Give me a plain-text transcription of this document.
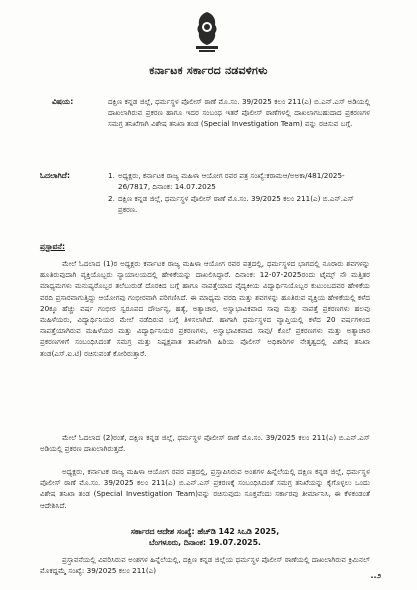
ಕರ್ನಾಟಕ ಸರ್ಕಾರದ ನಡವಳಿಗಳು
ವಿಷಯ:	ದಕ್ಷಿಣ ಕನ್ನಡ ಜಿಲ್ಲೆ, ಧರ್ಮಸ್ಥಳ ಪೊಲೀಸ್ ಠಾಣೆ ಮೊ.ಸಂ. 39/2025 ಕಲಂ 211(ಎ) ಬಿ.ಎನ್.ಎಸ್ ಅಡಿಯಲ್ಲಿ ದಾಖಲಾಗಿರುವ ಪ್ರಕರಣ ಹಾಗೂ ಇದರ ಸಂಬಂಧ ಇತರೆ ಪೊಲೀಸ್ ಠಾಣೆಗಳಲ್ಲಿ ದಾಖಲಾಗಬಹುದಾದ ಪ್ರಕರಣಗಳ ಸಮಗ್ರ ತನಿಖೆಗಾಗಿ ವಿಶೇಷ ತನಿಖಾ ತಂಡ (Special Investigation Team) ವನ್ನು ರಚಿಸುವ ಬಗ್ಗೆ.
ಓದಲಾಗಿದೆ:	1. ಅಧ್ಯಕ್ಷರು, ಕರ್ನಾಟಕ ರಾಜ್ಯ ಮಹಿಳಾ ಆಯೋಗ ರವರ ಪತ್ರ ಸಂಖ್ಯೆ:ಕರಾಮಆ/ಅಅಕಾ/481/2025-26/7817, ದಿನಾಂಕ: 14.07.2025
2. ದಕ್ಷಿಣ ಕನ್ನಡ ಜಿಲ್ಲೆ, ಧರ್ಮಸ್ಥಳ ಪೊಲೀಸ್ ಠಾಣೆ ಮೊ.ಸಂ. 39/2025 ಕಲಂ 211(ಎ) ಬಿ.ಎನ್.ಎಸ್ ಪ್ರಕರಣ.
ಪ್ರಸ್ತಾವನೆ:
ಮೇಲೆ ಓದಲಾದ (1)ರ ಅಧ್ಯಕ್ಷರು ಕರ್ನಾಟಕ ರಾಜ್ಯ ಮಹಿಳಾ ಆಯೋಗ ರವರ ಪತ್ರದಲ್ಲಿ, ಧರ್ಮಸ್ಥಳದ ಭಾಗದಲ್ಲಿ ನೂರಾರು ಶವಗಳನ್ನು ಹೂತಿರುವುದಾಗಿ ವ್ಯಕ್ತಿಯೊಬ್ಬರು ನ್ಯಾಯಾಲಯದಲ್ಲಿ ಹೇಳಿಕೆಯನ್ನು ದಾಖಲಿಸಿದ್ದಾರೆ. ದಿನಾಂಕ: 12-07-2025ರಂದು ಟೈಮ್ಸ್ ನೌ ಮತ್ತಿತರ ಮಾಧ್ಯಮಗಳು ಮನುಷ್ಯರೊಬ್ಬರ ತಲೆಬುರುಡೆ ದೊರಕಿದ ಬಗ್ಗೆ ಹಾಗೂ ನಾಪತ್ತೆಯಾದ ವೈದ್ಯಕೀಯ ವಿದ್ಯಾರ್ಥಿನಿಯೊಬ್ಬರ ಕುಟುಂಬದವರ ಹೇಳಿಕೆಯ ವರದಿ ಪ್ರಸಾರವಾಗುತ್ತಿದ್ದು ಆಯೋಗವು ಗಂಭೀರವಾಗಿ ಪರಿಗಣಿಸಿದೆ. ಈ ಮಾಧ್ಯಮ ವರದಿ ಮತ್ತು ಶವಗಳನ್ನು ಹೂತಿರುವ ವ್ಯಕ್ತಿಯ ಹೇಳಿಕೆಯಲ್ಲಿ ಕಳೆದ 20ಕ್ಕೂ ಹೆಚ್ಚು ವರ್ಷ ಗಂಭೀರ ಸ್ವರೂಪದ ದೌರ್ಜನ್ಯ, ಹತ್ಯೆ, ಅತ್ಯಾಚಾರ, ಅಸ್ವಾಭಾವಿಕವಾದ ಸಾವು ಮತ್ತು ನಾಪತ್ತೆ ಪ್ರಕರಣಗಳು ಹಲವು ಮಹಿಳೆಯರು, ವಿದ್ಯಾರ್ಥಿನಿಯರ ಮೇಲೆ ನಡೆದಿರುವ ಬಗ್ಗೆ ತಿಳಿಸಲಾಗಿದೆ. ಹಾಗಾಗಿ ಧರ್ಮಸ್ಥಳದ ವ್ಯಾಪ್ತಿಯಲ್ಲಿ ಕಳೆದ 20 ವರ್ಷಗಳಿಂದ ನಾಪತ್ತೆಯಾಗಿರುವ ಮಹಿಳೆಯರ ಮತ್ತು ವಿದ್ಯಾರ್ಥಿನಿಯರ ಪ್ರಕರಣಗಳು, ಅಸ್ವಾಭಾವಿಕವಾದ ಸಾವು/ ಕೊಲೆ ಪ್ರಕರಣಗಳು ಮತ್ತು ಅತ್ಯಾಚಾರ ಪ್ರಕರಣಗಳಿಗೆ ಸಂಬಂಧಿಸಿದಂತೆ ಸಮಗ್ರ ಮತ್ತು ನಿಷ್ಪಕ್ಷಪಾತ ತನಿಖೆಗಾಗಿ ಹಿರಿಯ ಪೊಲೀಸ್ ಅಧಿಕಾರಿಗಳ ನೇತೃತ್ವದಲ್ಲಿ ವಿಶೇಷ ತನಿಖಾ ತಂಡ(ಎಸ್.ಐ.ಟಿ) ರಚಿಸುವಂತೆ ಕೋರಿರುತ್ತಾರೆ.
ಮೇಲೆ ಓದಲಾದ (2)ರಂತೆ, ದಕ್ಷಿಣ ಕನ್ನಡ ಜಿಲ್ಲೆ, ಧರ್ಮಸ್ಥಳ ಪೊಲೀಸ್ ಠಾಣೆ ಮೊ.ಸಂ. 39/2025 ಕಲಂ 211(ಎ) ಬಿ.ಎನ್.ಎಸ್ ಅಡಿಯಲ್ಲಿ ಪ್ರಕರಣ ದಾಖಲಾಗಿರುತ್ತದೆ.
ಅಧ್ಯಕ್ಷರು, ಕರ್ನಾಟಕ ರಾಜ್ಯ ಮಹಿಳಾ ಆಯೋಗ ರವರ ಪತ್ರದಲ್ಲಿ, ಪ್ರಸ್ತಾಪಿಸಿರುವ ಅಂಶಗಳ ಹಿನ್ನೆಲೆಯಲ್ಲಿ ದಕ್ಷಿಣ ಕನ್ನಡ ಜಿಲ್ಲೆ, ಧರ್ಮಸ್ಥಳ ಪೊಲೀಸ್ ಠಾಣೆ ಮೊ.ಸಂ. 39/2025 ಕಲಂ 211(ಎ) ಬಿ.ಎನ್.ಎಸ್ ಪ್ರಕರಣಕ್ಕೆ ಸಂಬಂಧಿಸಿದಂತೆ ಸಮಗ್ರ ತನಿಖೆಯನ್ನು ಕೈಗೊಳ್ಳಲು ಒಂದು ವಿಶೇಷ ತನಿಖಾ ತಂಡ (Special Investigation Team)ವನ್ನು ರಚಿಸುವುದು ಸೂಕ್ತವೆಂದು ಸರ್ಕಾರವು ತೀರ್ಮಾನಿಸಿ, ಈ ಕೆಳಕಂಡಂತೆ ಆದೇಶಿಸಿದೆ.
ಸರ್ಕಾರದ ಆದೇಶ ಸಂಖ್ಯೆ: ಹೆಚ್‌ಡಿ 142 ಸಿಒಡಿ 2025,
ಬೆಂಗಳೂರು, ದಿನಾಂಕ: 19.07.2025.
ಪ್ರಸ್ತಾವನೆಯಲ್ಲಿ ವಿವರಿಸಿರುವ ಅಂಶಗಳ ಹಿನ್ನೆಲೆಯಲ್ಲಿ, ದಕ್ಷಿಣ ಕನ್ನಡ ಜಿಲ್ಲೆಯ ಧರ್ಮಸ್ಥಳ ಪೊಲೀಸ್ ಠಾಣೆಯಲ್ಲಿ ದಾಖಲಾಗಿರುವ ಕ್ರಿಮಿನಲ್ ಮೊಕದ್ದಮ್ಮೆ ಸಂಖ್ಯೆ: 39/2025 ಕಲಂ 211(ಎ)
..೨
